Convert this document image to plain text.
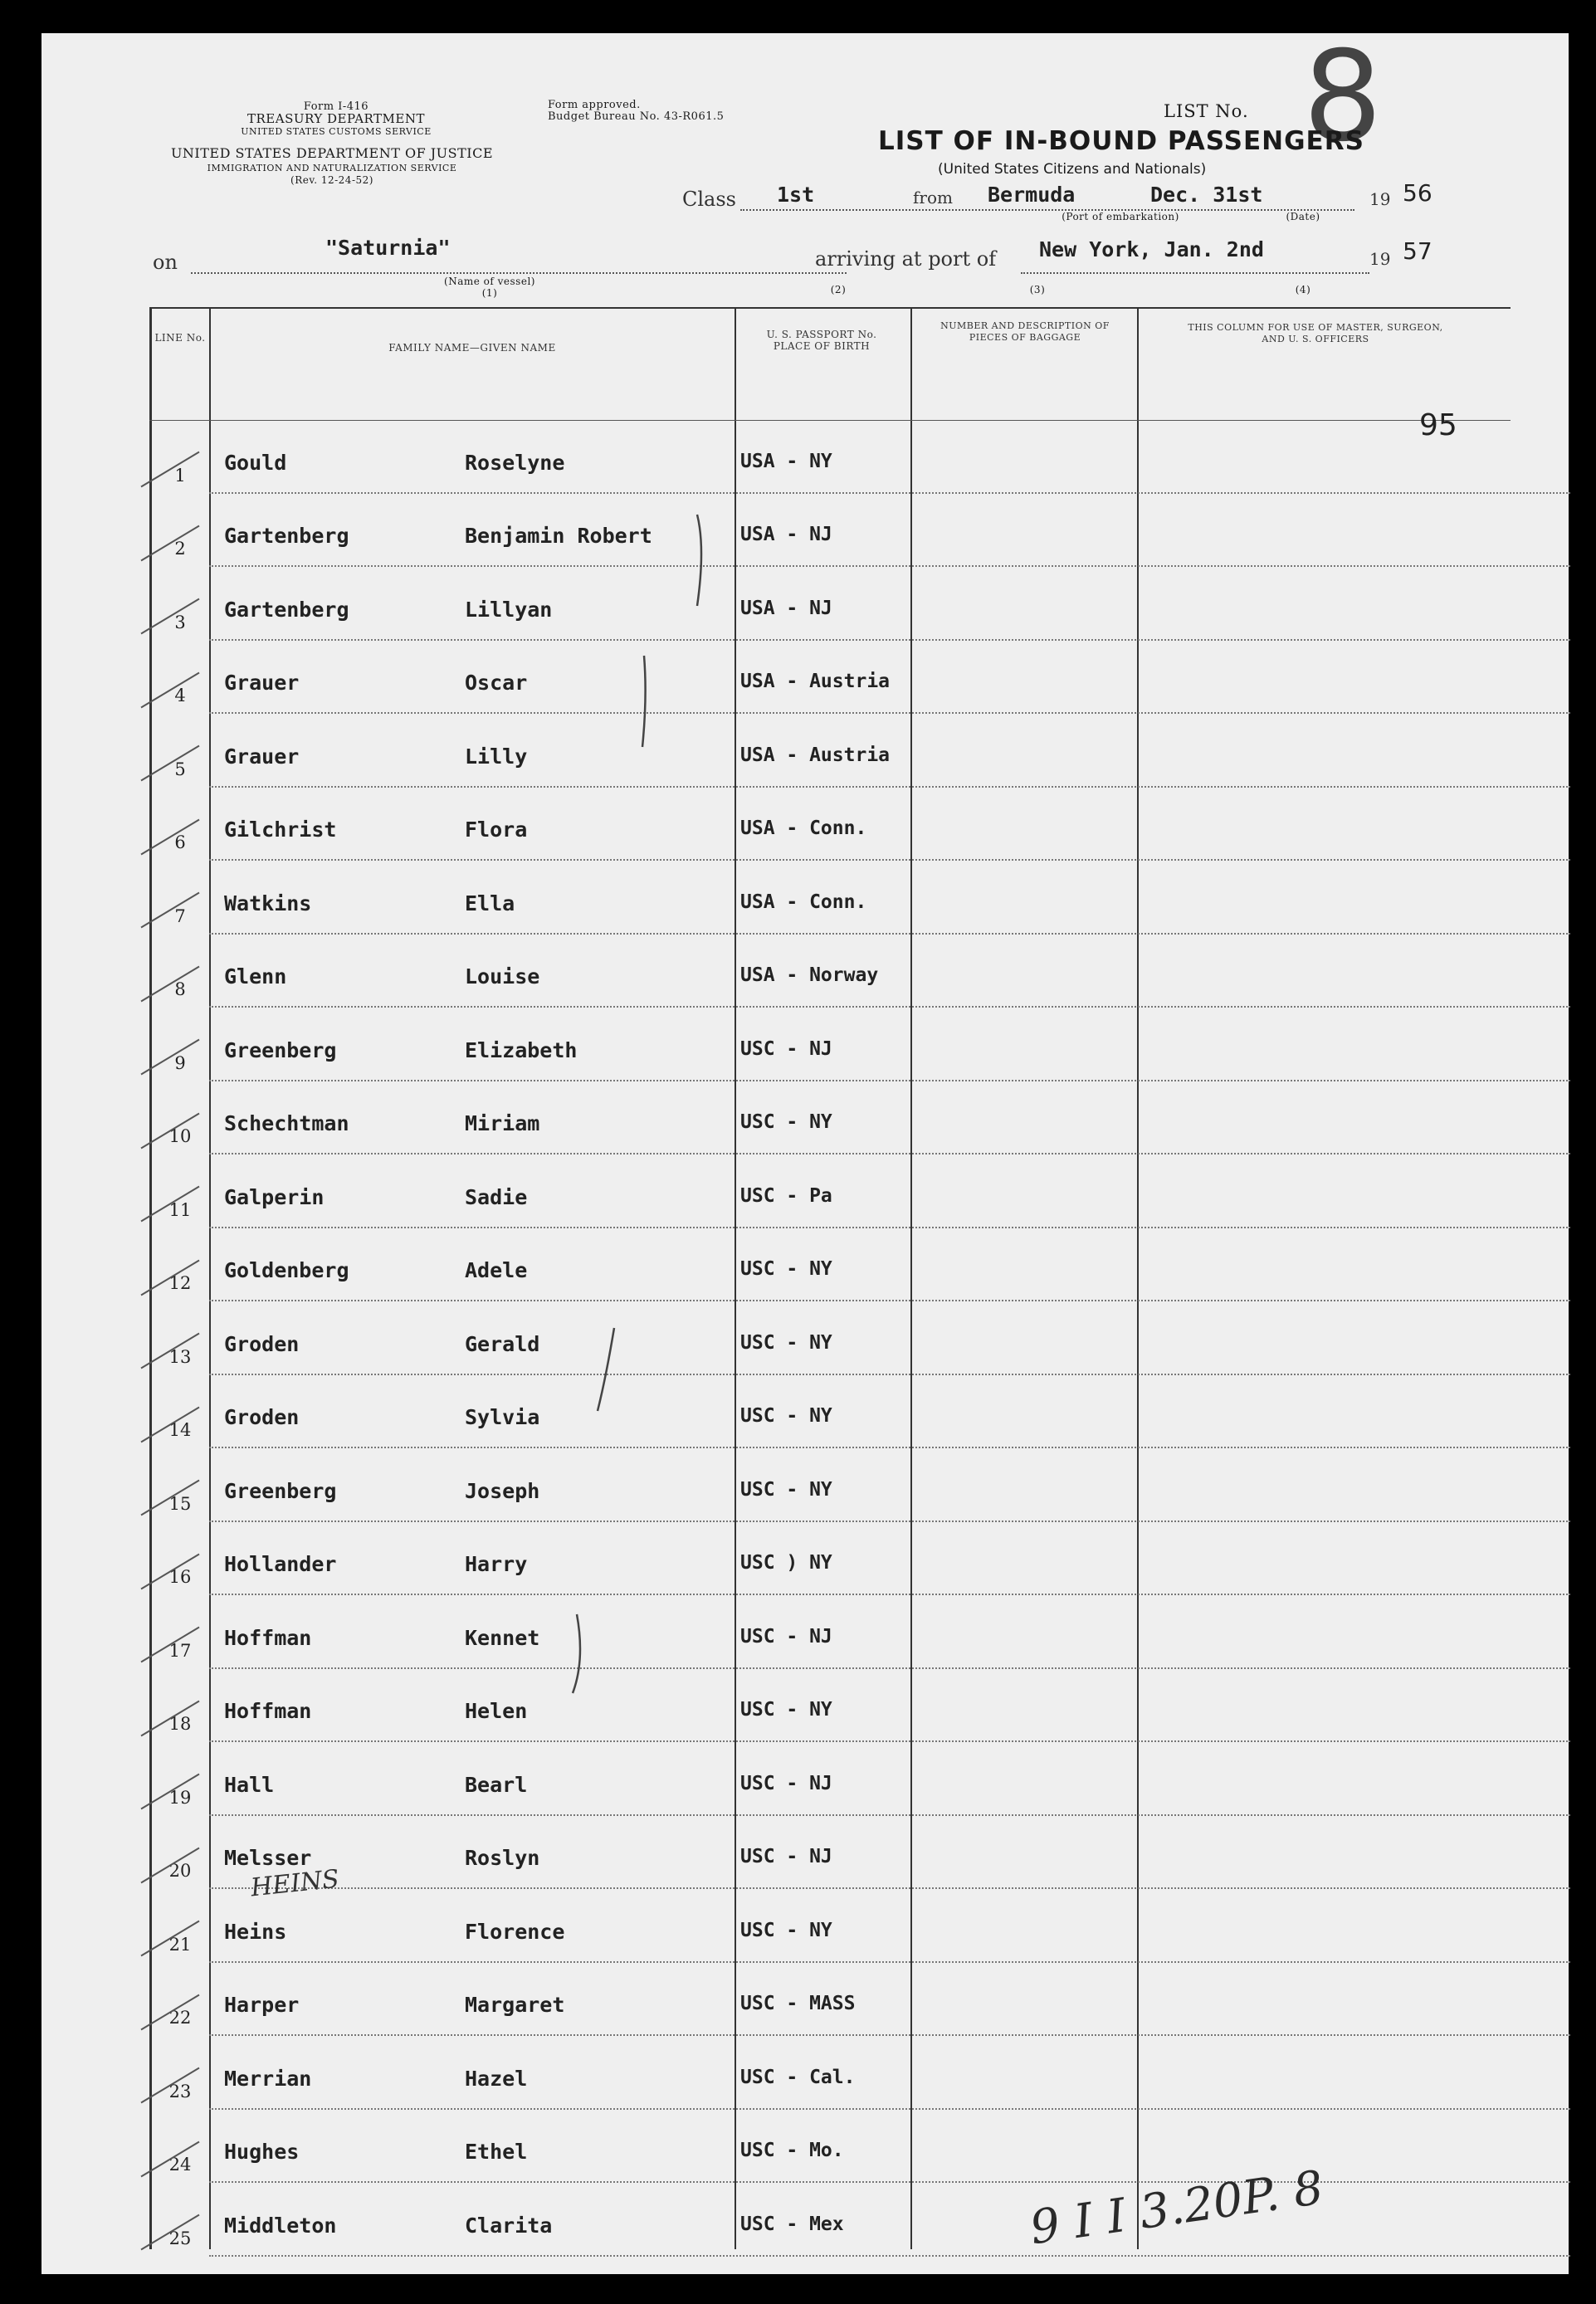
Form I-416
TREASURY DEPARTMENT
UNITED STATES CUSTOMS SERVICE
UNITED STATES DEPARTMENT OF JUSTICE
IMMIGRATION AND NATURALIZATION SERVICE
(Rev. 12-24-52)
Form approved.
Budget Bureau No. 43-R061.5	LIST No. 8
LIST OF IN-BOUND PASSENGERS
(United States Citizens and Nationals)
Class 1st	from Bermuda	Dec. 31st	19 56
(Port of embarkation)	(Date)
on
"Saturnia"
(Name of vessel)
(1)
arriving at port of
(2)
New York, Jan. 2nd
(3)	(4)
19 57
LINE No.
FAMILY NAME—GIVEN NAME
U. S. PASSPORT No. PLACE OF BIRTH
NUMBER AND DESCRIPTION OF PIECES OF BAGGAGE
THIS COLUMN FOR USE OF MASTER, SURGEON, AND U. S. OFFICERS
1
Gould	Roselyne	USA - NY
2
Gartenberg	Benjamin Robert	USA - NJ
3
Gartenberg	Lillyan	USA - NJ
4
Grauer	Oscar	USA - Austria
5
Grauer	Lilly	USA - Austria
6
Gilchrist	Flora	USA - Conn.
7
Watkins	Ella	USA - Conn.
8
Glenn	Louise	USA - Norway
9
Greenberg	Elizabeth	USC - NJ
10
Schechtman	Miriam	USC - NY
11
Galperin	Sadie	USC - Pa
12
Goldenberg	Adele	USC - NY
13
Groden	Gerald	USC - NY
14
Groden	Sylvia	USC - NY
15
Greenberg	Joseph	USC - NY
16
Hollander	Harry	USC ) NY
17
Hoffman	Kennet	USC - NJ
18
Hoffman	Helen	USC - NY
19
Hall	Bearl	USC - NJ
20
Melsser	Roslyn	USC - NJ
21
Heins	Florence	USC - NY
22
Harper	Margaret	USC - MASS
23
Merrian	Hazel	USC - Cal.
24
Hughes	Ethel	USC - Mo.
25
Middleton	Clarita	USC - Mex
95
HEINS
9 I I 3.20P. 8
